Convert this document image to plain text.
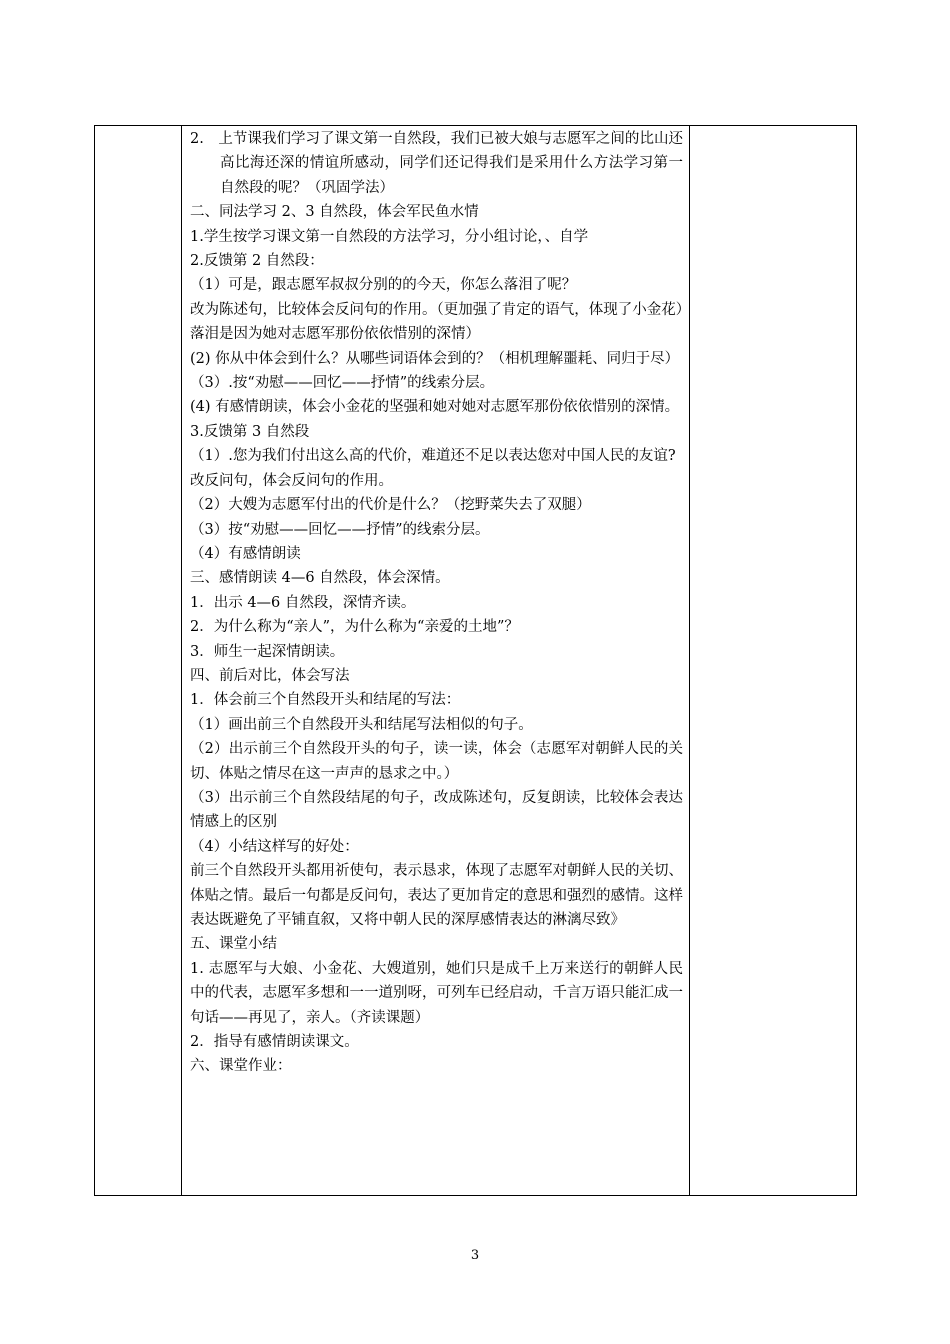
2.　上节课我们学习了课文第一自然段，我们已被大娘与志愿军之间的比山还高比海还深的情谊所感动，同学们还记得我们是采用什么方法学习第一自然段的呢？（巩固学法）

二、同法学习 2、3 自然段，体会军民鱼水情

1.学生按学习课文第一自然段的方法学习，分小组讨论，、自学

2.反馈第 2 自然段：

（1）可是，跟志愿军叔叔分别的的今天，你怎么落泪了呢？

改为陈述句，比较体会反问句的作用。（更加强了肯定的语气，体现了小金花）落泪是因为她对志愿军那份依依惜别的深情）

(2) 你从中体会到什么？从哪些词语体会到的？（相机理解噩耗、同归于尽）

（3）.按“劝慰——回忆——抒情”的线索分层。

(4) 有感情朗读，体会小金花的坚强和她对她对志愿军那份依依惜别的深情。

3.反馈第 3 自然段

（1）.您为我们付出这么高的代价，难道还不足以表达您对中国人民的友谊?

改反问句，体会反问句的作用。

（2）大嫂为志愿军付出的代价是什么？（挖野菜失去了双腿）

（3）按“劝慰——回忆——抒情”的线索分层。

（4）有感情朗读

三、感情朗读 4—6 自然段，体会深情。

1．出示 4—6 自然段，深情齐读。

2．为什么称为“亲人”，为什么称为“亲爱的土地”？

3．师生一起深情朗读。

四、前后对比，体会写法

1．体会前三个自然段开头和结尾的写法：

（1）画出前三个自然段开头和结尾写法相似的句子。

（2）出示前三个自然段开头的句子，读一读，体会（志愿军对朝鲜人民的关切、体贴之情尽在这一声声的恳求之中。）

（3）出示前三个自然段结尾的句子，改成陈述句，反复朗读，比较体会表达情感上的区别

（4）小结这样写的好处：

前三个自然段开头都用祈使句，表示恳求，体现了志愿军对朝鲜人民的关切、体贴之情。最后一句都是反问句，表达了更加肯定的意思和强烈的感情。这样表达既避免了平铺直叙，又将中朝人民的深厚感情表达的淋漓尽致》

五、课堂小结

1. 志愿军与大娘、小金花、大嫂道别，她们只是成千上万来送行的朝鲜人民中的代表，志愿军多想和一一道别呀，可列车已经启动，千言万语只能汇成一句话——再见了，亲人。（齐读课题）

2．指导有感情朗读课文。

六、课堂作业：

3
